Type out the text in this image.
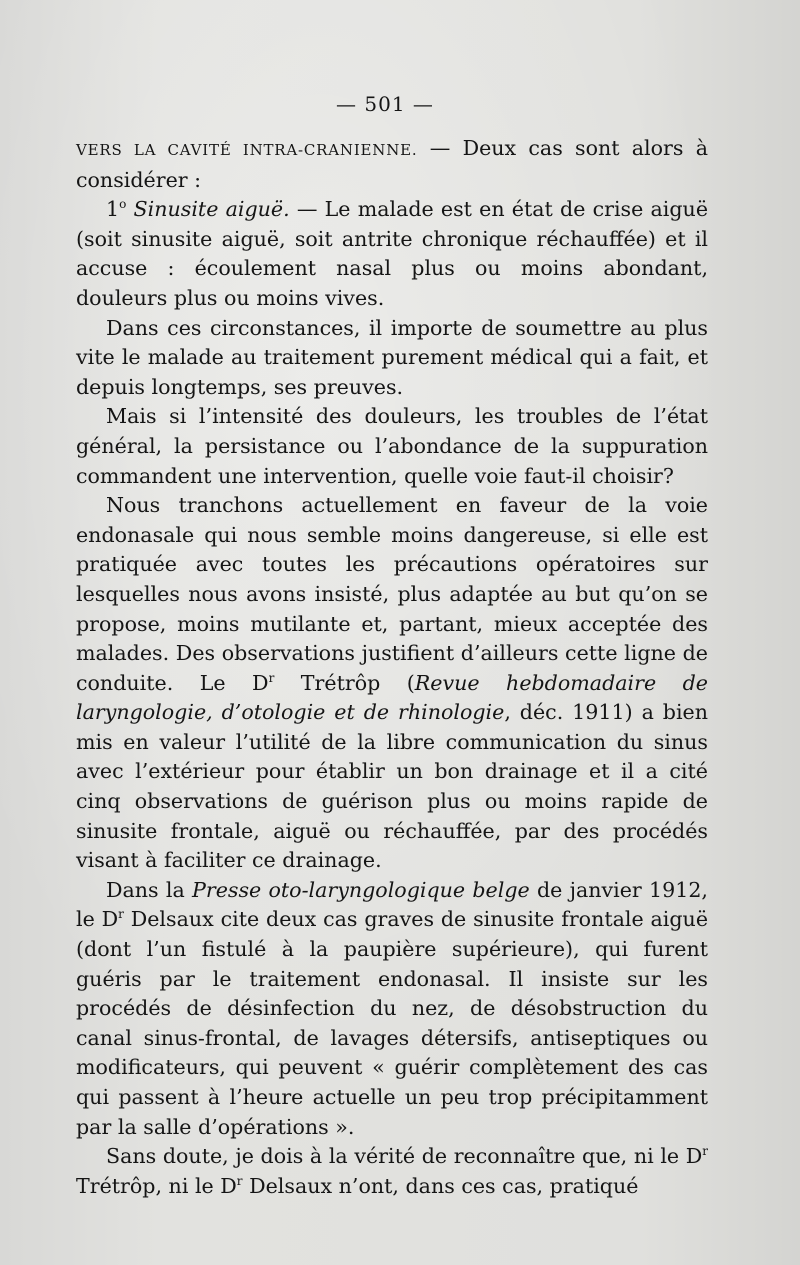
— 501 —

VERS LA CAVITÉ INTRA-CRANIENNE. — Deux cas sont alors à considérer :

1$^o$ Sinusite aiguë. — Le malade est en état de crise aiguë (soit sinusite aiguë, soit antrite chronique réchauffée) et il accuse : écoulement nasal plus ou moins abondant, douleurs plus ou moins vives.

Dans ces circonstances, il importe de soumettre au plus vite le malade au traitement purement médical qui a fait, et depuis longtemps, ses preuves.

Mais si l’intensité des douleurs, les troubles de l’état général, la persistance ou l’abondance de la suppuration commandent une intervention, quelle voie faut-il choisir?

Nous tranchons actuellement en faveur de la voie endonasale qui nous semble moins dangereuse, si elle est pratiquée avec toutes les précautions opératoires sur lesquelles nous avons insisté, plus adaptée au but qu’on se propose, moins mutilante et, partant, mieux acceptée des malades. Des observations justifient d’ailleurs cette ligne de conduite. Le $D^r$ Trétrôp (Revue hebdomadaire de laryngologie, d’otologie et de rhinologie, déc. 1911) a bien mis en valeur l’utilité de la libre communication du sinus avec l’extérieur pour établir un bon drainage et il a cité cinq observations de guérison plus ou moins rapide de sinusite frontale, aiguë ou réchauffée, par des procédés visant à faciliter ce drainage.

Dans la Presse oto-laryngologique belge de janvier 1912, le $D^r$ Delsaux cite deux cas graves de sinusite frontale aiguë (dont l’un fistulé à la paupière supérieure), qui furent guéris par le traitement endonasal. Il insiste sur les procédés de désinfection du nez, de désobstruction du canal sinus-frontal, de lavages détersifs, antiseptiques ou modificateurs, qui peuvent « guérir complètement des cas qui passent à l’heure actuelle un peu trop précipitamment par la salle d’opérations ».

Sans doute, je dois à la vérité de reconnaître que, ni le $D^r$ Trétrôp, ni le $D^r$ Delsaux n’ont, dans ces cas, pratiqué
